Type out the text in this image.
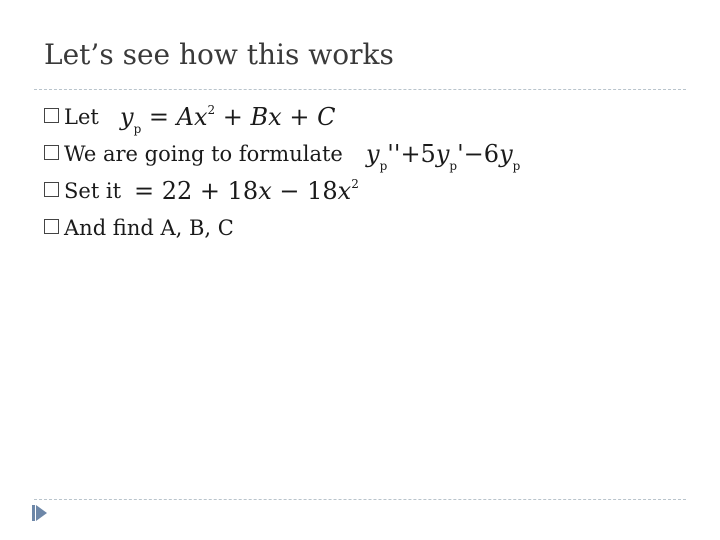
Let’s see how this works
Let $y_p = Ax^2 + Bx + C$
We are going to formulate $y_p''+5y_p'-6y_p$
Set it = $22 + 18x - 18x^2$
And find A, B, C
